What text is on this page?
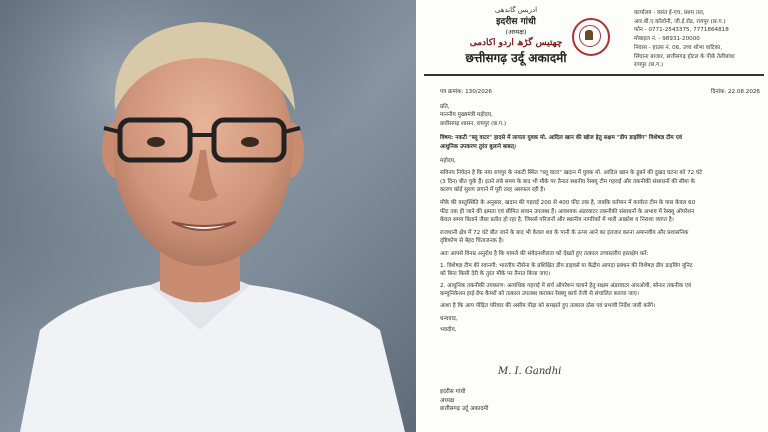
ادریس گاندھی
इदरीस गांधी
(अध्यक्ष)
چھتیس گڑھ اردو اکادمی
छत्तीसगढ़ उर्दू अकादमी
कार्यालय - वसंत ई-एच, प्रथम तल,
आर.बी.ए.कॉलोनी, जी.ई.रोड, रायपुर (छ.ग.)
फोन - 0771-2543375, 7771864818
मोबाइल नं. - 98931-20000
निवास - हाउस नं. 06, उच्च शोभा वाटिका,
सिंघाना बाजार, छत्तीसगढ़ होटल के पीछे तेलीबांधा
रायपुर (छ.ग.)
पत्र क्रमांक: 130/2026	दिनांक: 22.08.2026
प्रति,
माननीय मुख्यमंत्री महोदय,
छत्तीसगढ़ शासन, रायपुर (छ.ग.)
विषय: नकटी "ब्लू वाटर" हादसे में लापता युवक मो. आदिल खान की खोज हेतु सक्षम "डीप डाइविंग" विशेषज्ञ टीम एवं
आधुनिक उपकरण तुरंत बुलाने बाबत्।
महोदय,
सविनय निवेदन है कि नया रायपुर के नकटी स्थित "ब्लू वाटर" खदान में युवक मो. आदिल खान के डूबने की दुखद घटना को 72 घंटे
(3 दिन) बीत चुके हैं। इतने लंबे समय के बाद भी मौके पर तैनात स्थानीय रेस्क्यू टीम गहराई और तकनीकी संसाधनों की सीमा के
कारण कोई सुराग लगाने में पूरी तरह असफल रही है।
मौके की वस्तुस्थिति के अनुसार, खदान की गहराई 200 से 400 फीट तक है, जबकि वर्तमान में कार्यरत टीम के पास केवल 60
फीट तक ही जाने की क्षमता एवं सीमित साधन उपलब्ध हैं। आवश्यक अंडरवाटर तकनीकी संसाधनों के अभाव में रेस्क्यू ऑपरेशन
केवल समय बिताने जैसा प्रतीत हो रहा है, जिससे परिजनों और स्थानीय नागरिकों में भारी आक्रोश व निराशा व्याप्त है।
राजधानी क्षेत्र में 72 घंटे बीत जाने के बाद भी केवल शव के पानी के ऊपर आने का इंतजार करना अमानवीय और प्रशासनिक
दृष्टिकोण से बेहद चिंताजनक है।
अतः आपसे विनम्र अनुरोध है कि मामले की संवेदनशीलता को देखते हुए तत्काल उच्चस्तरीय हस्तक्षेप करें:
1. विशेषज्ञ टीम की रवानगी: भारतीय नौसेना के प्रशिक्षित डीप डाइवर्स या केंद्रीय आपदा प्रबंधन की विशेषज्ञ डीप डाइविंग यूनिट
को बिना किसी देरी के तुरंत मौके पर तैनात किया जाए।
2. आधुनिक तकनीकी उपकरण: अत्यधिक गहराई में सर्च ऑपरेशन चलाने हेतु सक्षम अंडरवाटर आरओवी, सोनार तकनीक एवं
कम्युनिकेशन हाई-डेफ कैमरों को तत्काल उपलब्ध कराकर रेस्क्यू कार्य तेजी से संचालित कराया जाए।
आशा है कि आप पीड़ित परिवार की असीम पीड़ा को समझते हुए तत्काल ठोस एवं प्रभावी निर्देश जारी करेंगे।
धन्यवाद,
भवदीय,
M. I. Gandhi
इदरीस गांधी
अध्यक्ष
छत्तीसगढ़ उर्दू अकादमी
